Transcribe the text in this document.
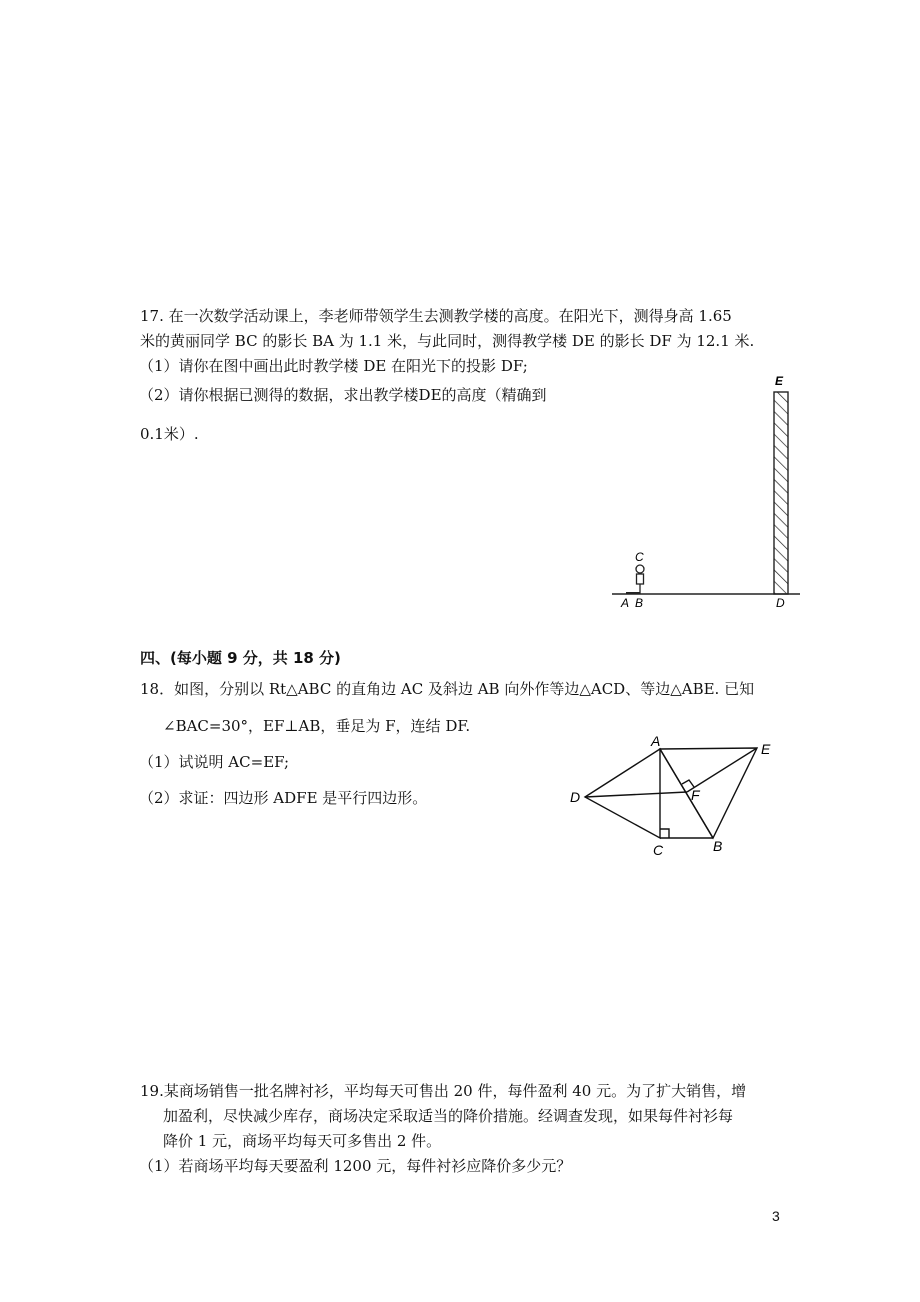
17. 在一次数学活动课上，李老师带领学生去测教学楼的高度。在阳光下，测得身高 1.65
米的黄丽同学 BC 的影长 BA 为 1.1 米，与此同时，测得教学楼 DE 的影长 DF 为 12.1 米.
（1）请你在图中画出此时教学楼 DE 在阳光下的投影 DF;
（2）请你根据已测得的数据，求出教学楼DE的高度（精确到
0.1米）.
C
A B	D
E
四、(每小题 9 分，共 18 分)
18．如图，分别以 Rt△ABC 的直角边 AC 及斜边 AB 向外作等边△ACD、等边△ABE. 已知
∠BAC=30°，EF⊥AB，垂足为 F，连结 DF.
（1）试说明 AC=EF;
（2）求证：四边形 ADFE 是平行四边形。
A	E
D	F
C	B
19.某商场销售一批名牌衬衫，平均每天可售出 20 件，每件盈利 40 元。为了扩大销售，增
加盈利，尽快减少库存，商场决定采取适当的降价措施。经调查发现，如果每件衬衫每
降价 1 元，商场平均每天可多售出 2 件。
（1）若商场平均每天要盈利 1200 元，每件衬衫应降价多少元？
3
